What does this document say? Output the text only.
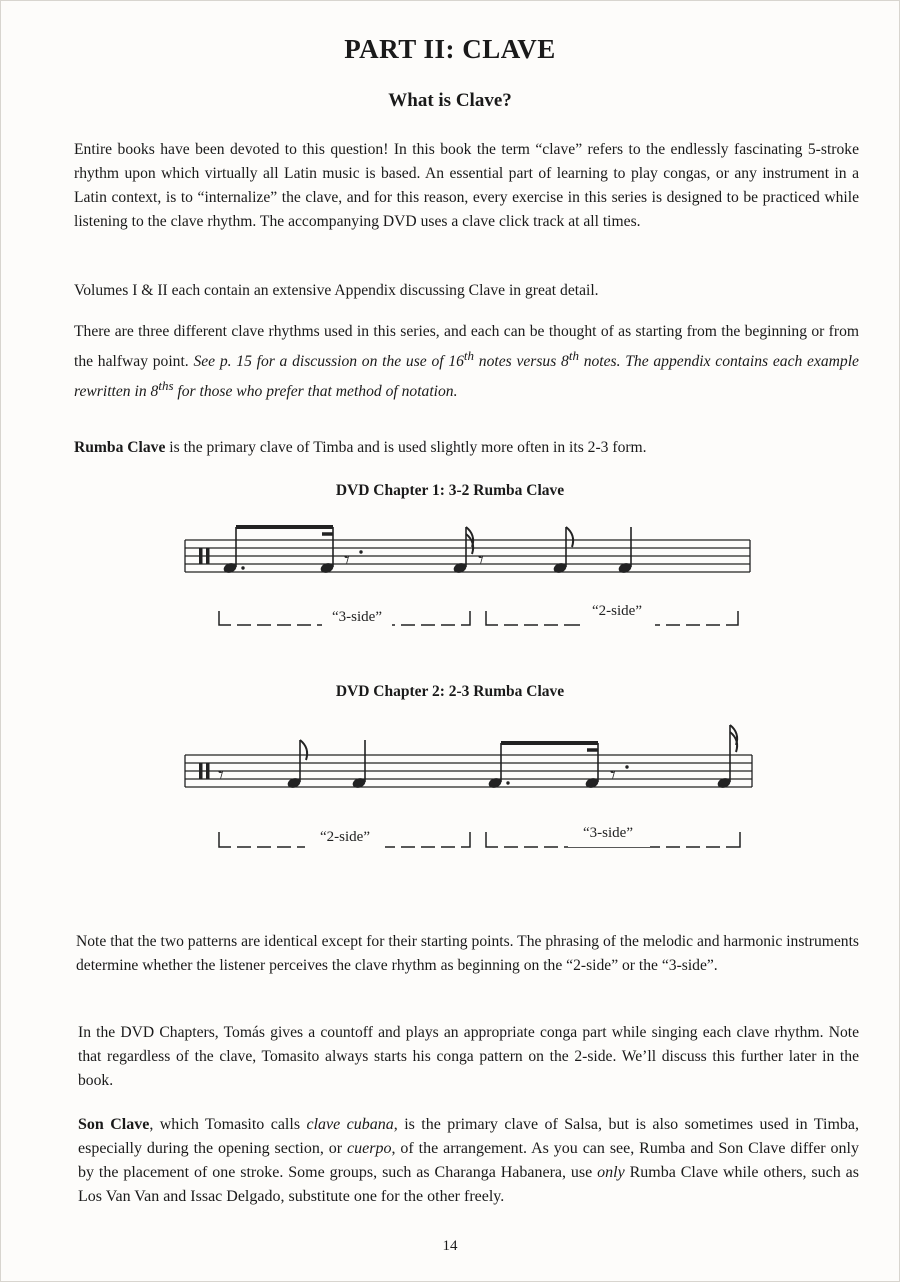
PART II: CLAVE
What is Clave?
Entire books have been devoted to this question! In this book the term “clave” refers to the endlessly fascinating 5-stroke rhythm upon which virtually all Latin music is based. An essential part of learning to play congas, or any instrument in a Latin context, is to “internalize” the clave, and for this reason, every exercise in this series is designed to be practiced while listening to the clave rhythm. The accompanying DVD uses a clave click track at all times.
Volumes I & II each contain an extensive Appendix discussing Clave in great detail.
There are three different clave rhythms used in this series, and each can be thought of as starting from the beginning or from the halfway point. See p. 15 for a discussion on the use of 16th notes versus 8th notes. The appendix contains each example rewritten in $8^{ths}$ for those who prefer that method of notation.
Rumba Clave is the primary clave of Timba and is used slightly more often in its 2-3 form.
DVD Chapter 1: 3-2 Rumba Clave
𝄾	𝄾
“3-side”	“2-side”
DVD Chapter 2: 2-3 Rumba Clave
𝄾	𝄾
“2-side”	“3-side”
Note that the two patterns are identical except for their starting points. The phrasing of the melodic and harmonic instruments determine whether the listener perceives the clave rhythm as beginning on the “2-side” or the “3-side”.
In the DVD Chapters, Tomás gives a countoff and plays an appropriate conga part while singing each clave rhythm. Note that regardless of the clave, Tomasito always starts his conga pattern on the 2-side. We’ll discuss this further later in the book.
Son Clave, which Tomasito calls clave cubana, is the primary clave of Salsa, but is also sometimes used in Timba, especially during the opening section, or cuerpo, of the arrangement. As you can see, Rumba and Son Clave differ only by the placement of one stroke. Some groups, such as Charanga Habanera, use only Rumba Clave while others, such as Los Van Van and Issac Delgado, substitute one for the other freely.
14
